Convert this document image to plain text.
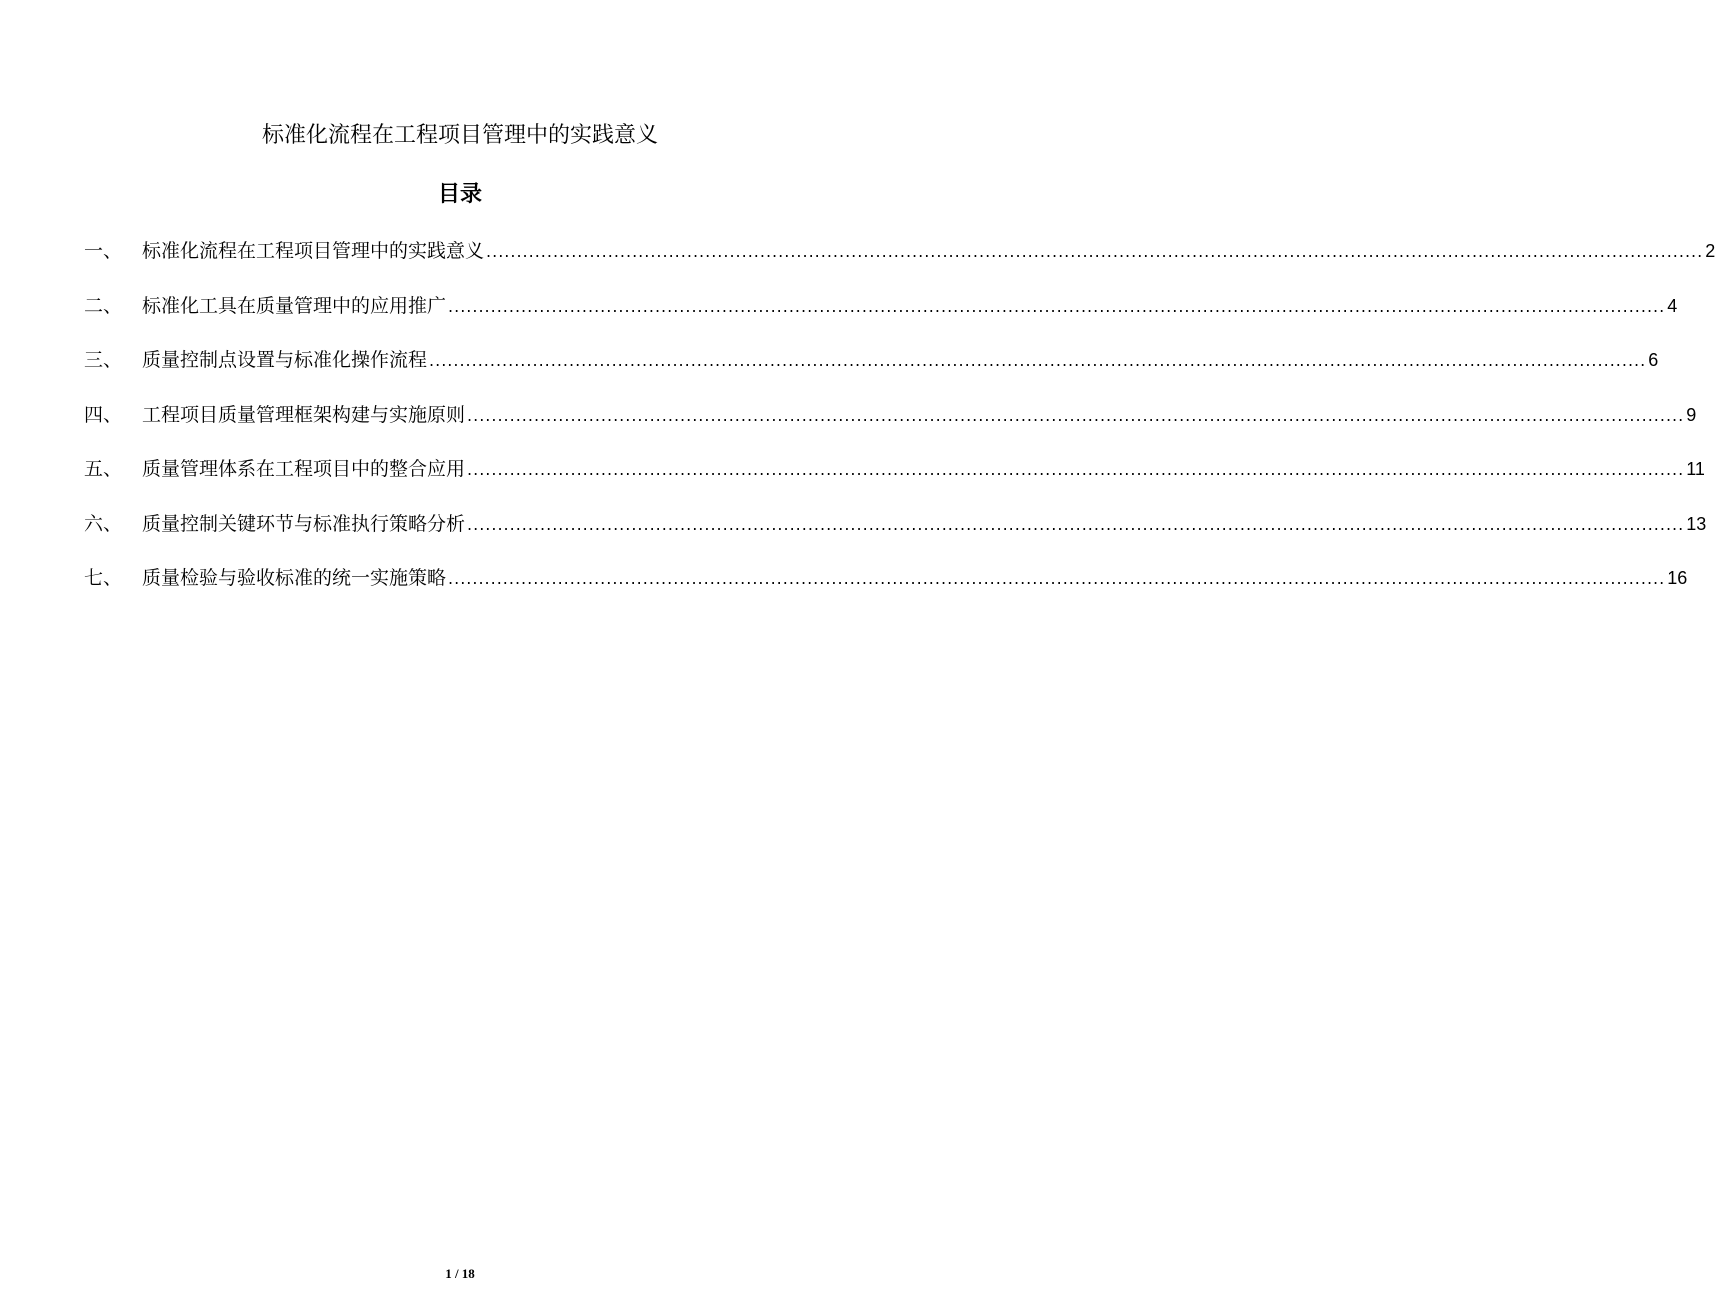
标准化流程在工程项目管理中的实践意义
目录
一、	标准化流程在工程项目管理中的实践意义 ........................................................................................................................................................................................................ 2
二、	标准化工具在质量管理中的应用推广 ........................................................................................................................................................................................................ 4
三、	质量控制点设置与标准化操作流程 ........................................................................................................................................................................................................ 6
四、	工程项目质量管理框架构建与实施原则 ........................................................................................................................................................................................................ 9
五、	质量管理体系在工程项目中的整合应用 ........................................................................................................................................................................................................ 11
六、	质量控制关键环节与标准执行策略分析 ........................................................................................................................................................................................................ 13
七、	质量检验与验收标准的统一实施策略 ........................................................................................................................................................................................................ 16
1 / 18
